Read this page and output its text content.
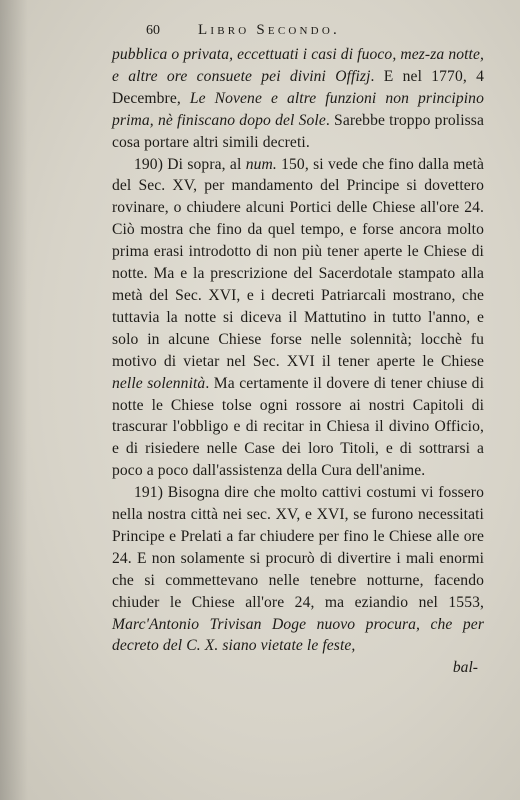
60	Libro Secondo.

pubblica o privata, eccettuati i casi di fuoco, mez-za notte, e altre ore consuete pei divini Offizj. E nel 1770, 4 Decembre, Le Novene e altre funzioni non principino prima, nè finiscano dopo del Sole. Sarebbe troppo prolissa cosa portare altri simili decreti.

190) Di sopra, al num. 150, si vede che fino dalla metà del Sec. XV, per mandamento del Principe si dovettero rovinare, o chiudere alcuni Portici delle Chiese all'ore 24. Ciò mostra che fino da quel tempo, e forse ancora molto prima erasi introdotto di non più tener aperte le Chiese di notte. Ma e la prescrizione del Sacerdotale stampato alla metà del Sec. XVI, e i decreti Patriarcali mostrano, che tuttavia la notte si diceva il Mattutino in tutto l'anno, e solo in alcune Chiese forse nelle solennità; locchè fu motivo di vietar nel Sec. XVI il tener aperte le Chiese nelle solennità. Ma certamente il dovere di tener chiuse di notte le Chiese tolse ogni rossore ai nostri Capitoli di trascurar l'obbligo e di recitar in Chiesa il divino Officio, e di risiedere nelle Case dei loro Titoli, e di sottrarsi a poco a poco dall'assistenza della Cura dell'anime.

191) Bisogna dire che molto cattivi costumi vi fossero nella nostra città nei sec. XV, e XVI, se furono necessitati Principe e Prelati a far chiudere per fino le Chiese alle ore 24. E non solamente si procurò di divertire i mali enormi che si commettevano nelle tenebre notturne, facendo chiuder le Chiese all'ore 24, ma eziandio nel 1553, Marc'Antonio Trivisan Doge nuovo procura, che per decreto del C. X. siano vietate le feste,

bal-
